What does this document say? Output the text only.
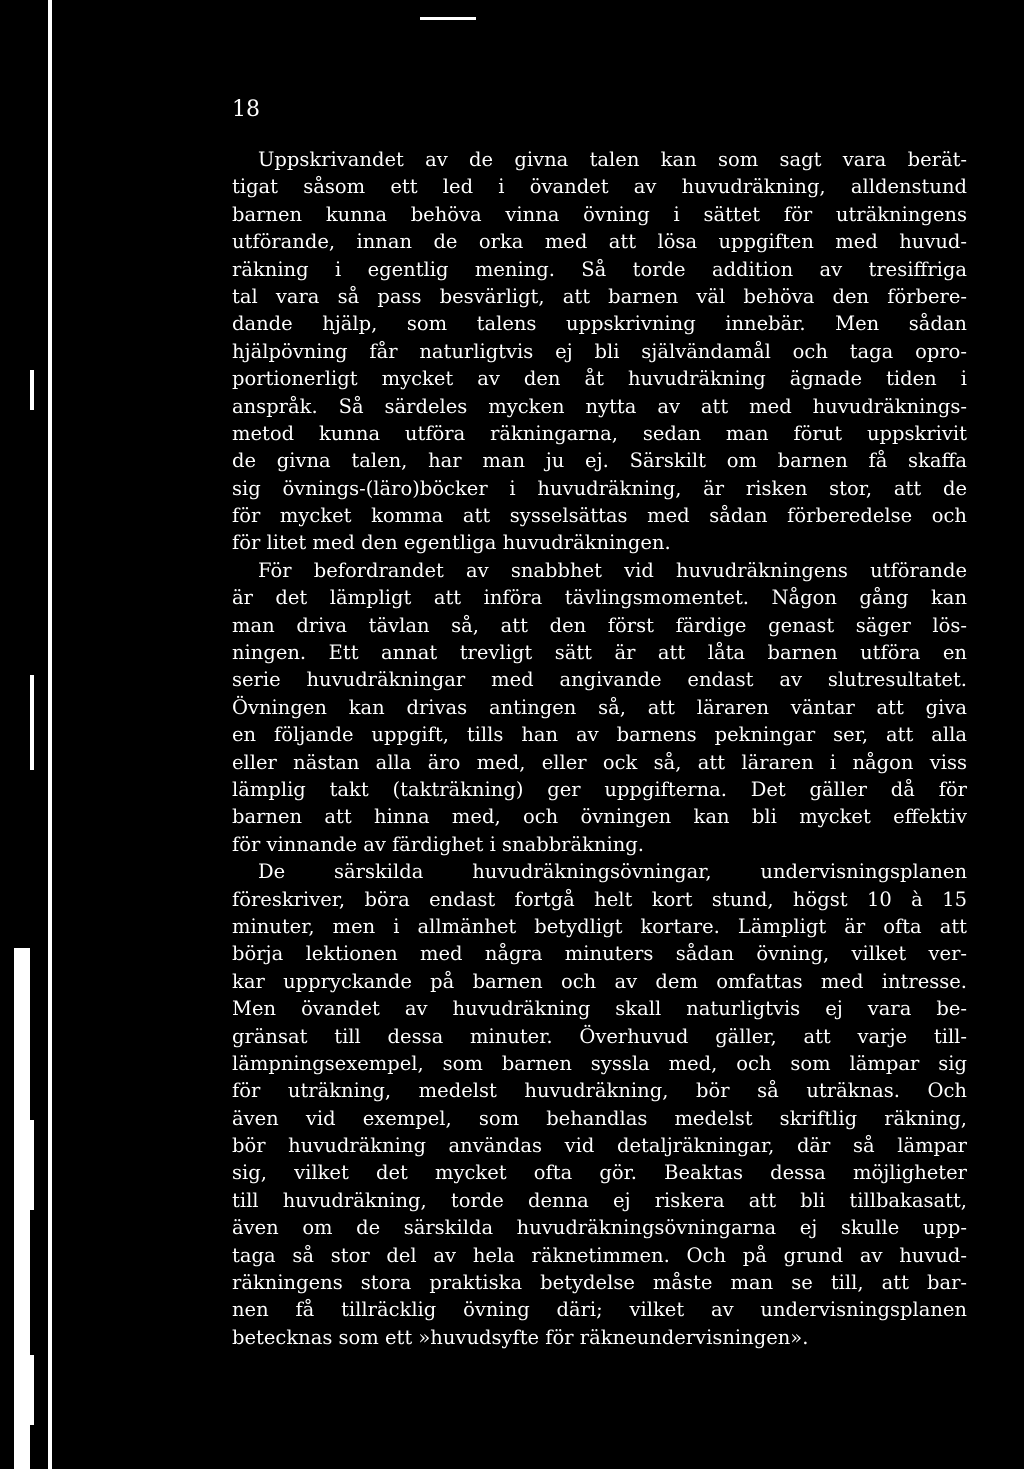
18
Uppskrivandet av de givna talen kan som sagt vara berät-
tigat såsom ett led i övandet av huvudräkning, alldenstund
barnen kunna behöva vinna övning i sättet för uträkningens
utförande, innan de orka med att lösa uppgiften med huvud-
räkning i egentlig mening. Så torde addition av tresiffriga
tal vara så pass besvärligt, att barnen väl behöva den förbere-
dande hjälp, som talens uppskrivning innebär. Men sådan
hjälpövning får naturligtvis ej bli självändamål och taga opro-
portionerligt mycket av den åt huvudräkning ägnade tiden i
anspråk. Så särdeles mycken nytta av att med huvudräknings-
metod kunna utföra räkningarna, sedan man förut uppskrivit
de givna talen, har man ju ej. Särskilt om barnen få skaffa
sig övnings-(läro)böcker i huvudräkning, är risken stor, att de
för mycket komma att sysselsättas med sådan förberedelse och
för litet med den egentliga huvudräkningen.
För befordrandet av snabbhet vid huvudräkningens utförande
är det lämpligt att införa tävlingsmomentet. Någon gång kan
man driva tävlan så, att den först färdige genast säger lös-
ningen. Ett annat trevligt sätt är att låta barnen utföra en
serie huvudräkningar med angivande endast av slutresultatet.
Övningen kan drivas antingen så, att läraren väntar att giva
en följande uppgift, tills han av barnens pekningar ser, att alla
eller nästan alla äro med, eller ock så, att läraren i någon viss
lämplig takt (takträkning) ger uppgifterna. Det gäller då för
barnen att hinna med, och övningen kan bli mycket effektiv
för vinnande av färdighet i snabbräkning.
De särskilda huvudräkningsövningar, undervisningsplanen
föreskriver, böra endast fortgå helt kort stund, högst 10 à 15
minuter, men i allmänhet betydligt kortare. Lämpligt är ofta att
börja lektionen med några minuters sådan övning, vilket ver-
kar uppryckande på barnen och av dem omfattas med intresse.
Men övandet av huvudräkning skall naturligtvis ej vara be-
gränsat till dessa minuter. Överhuvud gäller, att varje till-
lämpningsexempel, som barnen syssla med, och som lämpar sig
för uträkning, medelst huvudräkning, bör så uträknas. Och
även vid exempel, som behandlas medelst skriftlig räkning,
bör huvudräkning användas vid detaljräkningar, där så lämpar
sig, vilket det mycket ofta gör. Beaktas dessa möjligheter
till huvudräkning, torde denna ej riskera att bli tillbakasatt,
även om de särskilda huvudräkningsövningarna ej skulle upp-
taga så stor del av hela räknetimmen. Och på grund av huvud-
räkningens stora praktiska betydelse måste man se till, att bar-
nen få tillräcklig övning däri; vilket av undervisningsplanen
betecknas som ett »huvudsyfte för räkneundervisningen».
